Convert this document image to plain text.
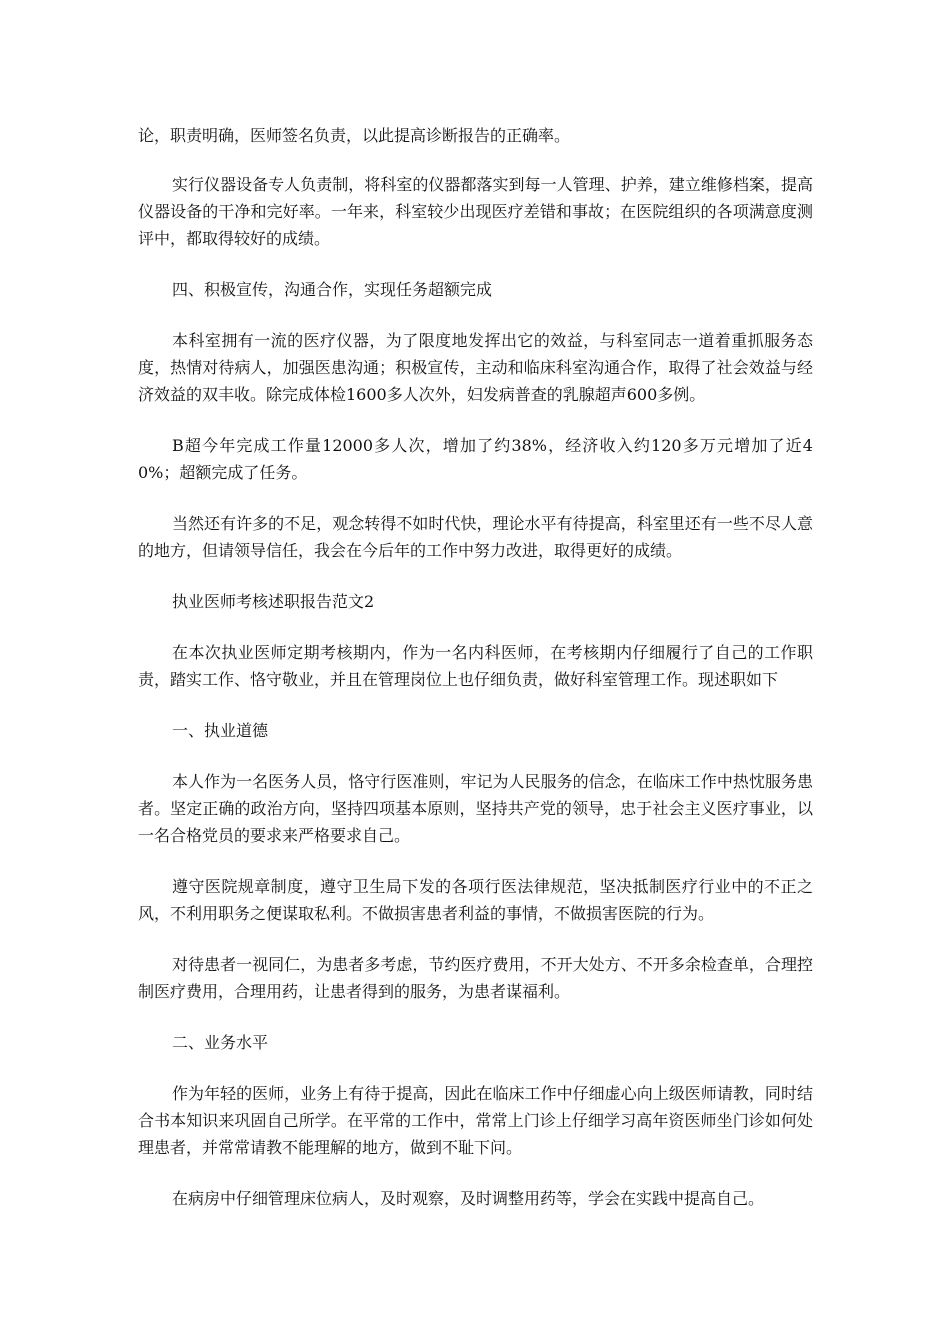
论，职责明确，医师签名负责，以此提高诊断报告的正确率。

实行仪器设备专人负责制，将科室的仪器都落实到每一人管理、护养，建立维修档案，提高仪器设备的干净和完好率。一年来，科室较少出现医疗差错和事故；在医院组织的各项满意度测评中，都取得较好的成绩。

四、积极宣传，沟通合作，实现任务超额完成

本科室拥有一流的医疗仪器，为了限度地发挥出它的效益，与科室同志一道着重抓服务态度，热情对待病人，加强医患沟通；积极宣传，主动和临床科室沟通合作，取得了社会效益与经济效益的双丰收。除完成体检1600多人次外，妇发病普查的乳腺超声600多例。

B超今年完成工作量12000多人次，增加了约38%，经济收入约120多万元增加了近40%；超额完成了任务。

当然还有许多的不足，观念转得不如时代快，理论水平有待提高，科室里还有一些不尽人意的地方，但请领导信任，我会在今后年的工作中努力改进，取得更好的成绩。

执业医师考核述职报告范文2

在本次执业医师定期考核期内，作为一名内科医师，在考核期内仔细履行了自己的工作职责，踏实工作、恪守敬业，并且在管理岗位上也仔细负责，做好科室管理工作。现述职如下

一、执业道德

本人作为一名医务人员，恪守行医准则，牢记为人民服务的信念，在临床工作中热忱服务患者。坚定正确的政治方向，坚持四项基本原则，坚持共产党的领导，忠于社会主义医疗事业，以一名合格党员的要求来严格要求自己。

遵守医院规章制度，遵守卫生局下发的各项行医法律规范，坚决抵制医疗行业中的不正之风，不利用职务之便谋取私利。不做损害患者利益的事情，不做损害医院的行为。

对待患者一视同仁，为患者多考虑，节约医疗费用，不开大处方、不开多余检查单，合理控制医疗费用，合理用药，让患者得到的服务，为患者谋福利。

二、业务水平

作为年轻的医师，业务上有待于提高，因此在临床工作中仔细虚心向上级医师请教，同时结合书本知识来巩固自己所学。在平常的工作中，常常上门诊上仔细学习高年资医师坐门诊如何处理患者，并常常请教不能理解的地方，做到不耻下问。

在病房中仔细管理床位病人，及时观察，及时调整用药等，学会在实践中提高自己。
